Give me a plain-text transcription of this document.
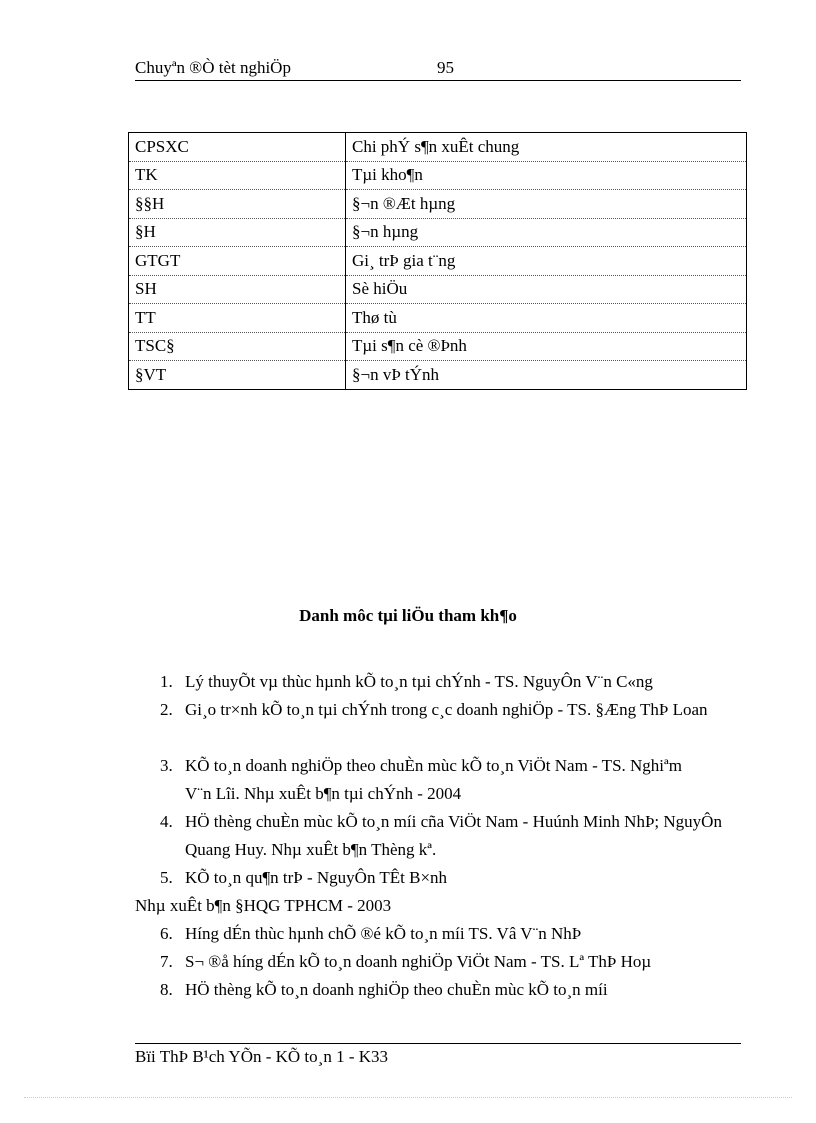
Chuyªn ®Ò tèt nghiÖp	95
CPSXC	Chi phÝ s¶n xuÊt chung
TK	Tµi kho¶n
§§H	§¬n ®Æt hµng
§H	§¬n hµng
GTGT	Gi¸ trÞ gia t¨ng
SH	Sè hiÖu
TT	Thø tù
TSC§	Tµi s¶n cè ®Þnh
§VT	§¬n vÞ tÝnh
Danh môc tµi liÖu tham kh¶o
1. Lý thuyÕt vµ thùc hµnh kÕ to¸n tµi chÝnh - TS. NguyÔn V¨n C«ng
2. Gi¸o tr×nh kÕ to¸n tµi chÝnh trong c¸c doanh nghiÖp - TS. §Æng ThÞ Loan
3. KÕ to¸n doanh nghiÖp theo chuÈn mùc kÕ to¸n ViÖt Nam - TS. Nghiªm V¨n Lîi. Nhµ xuÊt b¶n tµi chÝnh - 2004
4. HÖ thèng chuÈn mùc kÕ to¸n míi cña ViÖt Nam - Huúnh Minh NhÞ; NguyÔn Quang Huy. Nhµ xuÊt b¶n Thèng kª.
5. KÕ to¸n qu¶n trÞ - NguyÔn TÊt B×nh
Nhµ xuÊt b¶n §HQG TPHCM - 2003
6. Híng dÉn thùc hµnh chÕ ®é kÕ to¸n míi TS. Vâ V¨n NhÞ
7. S¬ ®å híng dÉn kÕ to¸n doanh nghiÖp ViÖt Nam - TS. Lª ThÞ Hoµ
8. HÖ thèng kÕ to¸n doanh nghiÖp theo chuÈn mùc kÕ to¸n míi
Bïi ThÞ B¹ch YÕn - KÕ to¸n 1 - K33
